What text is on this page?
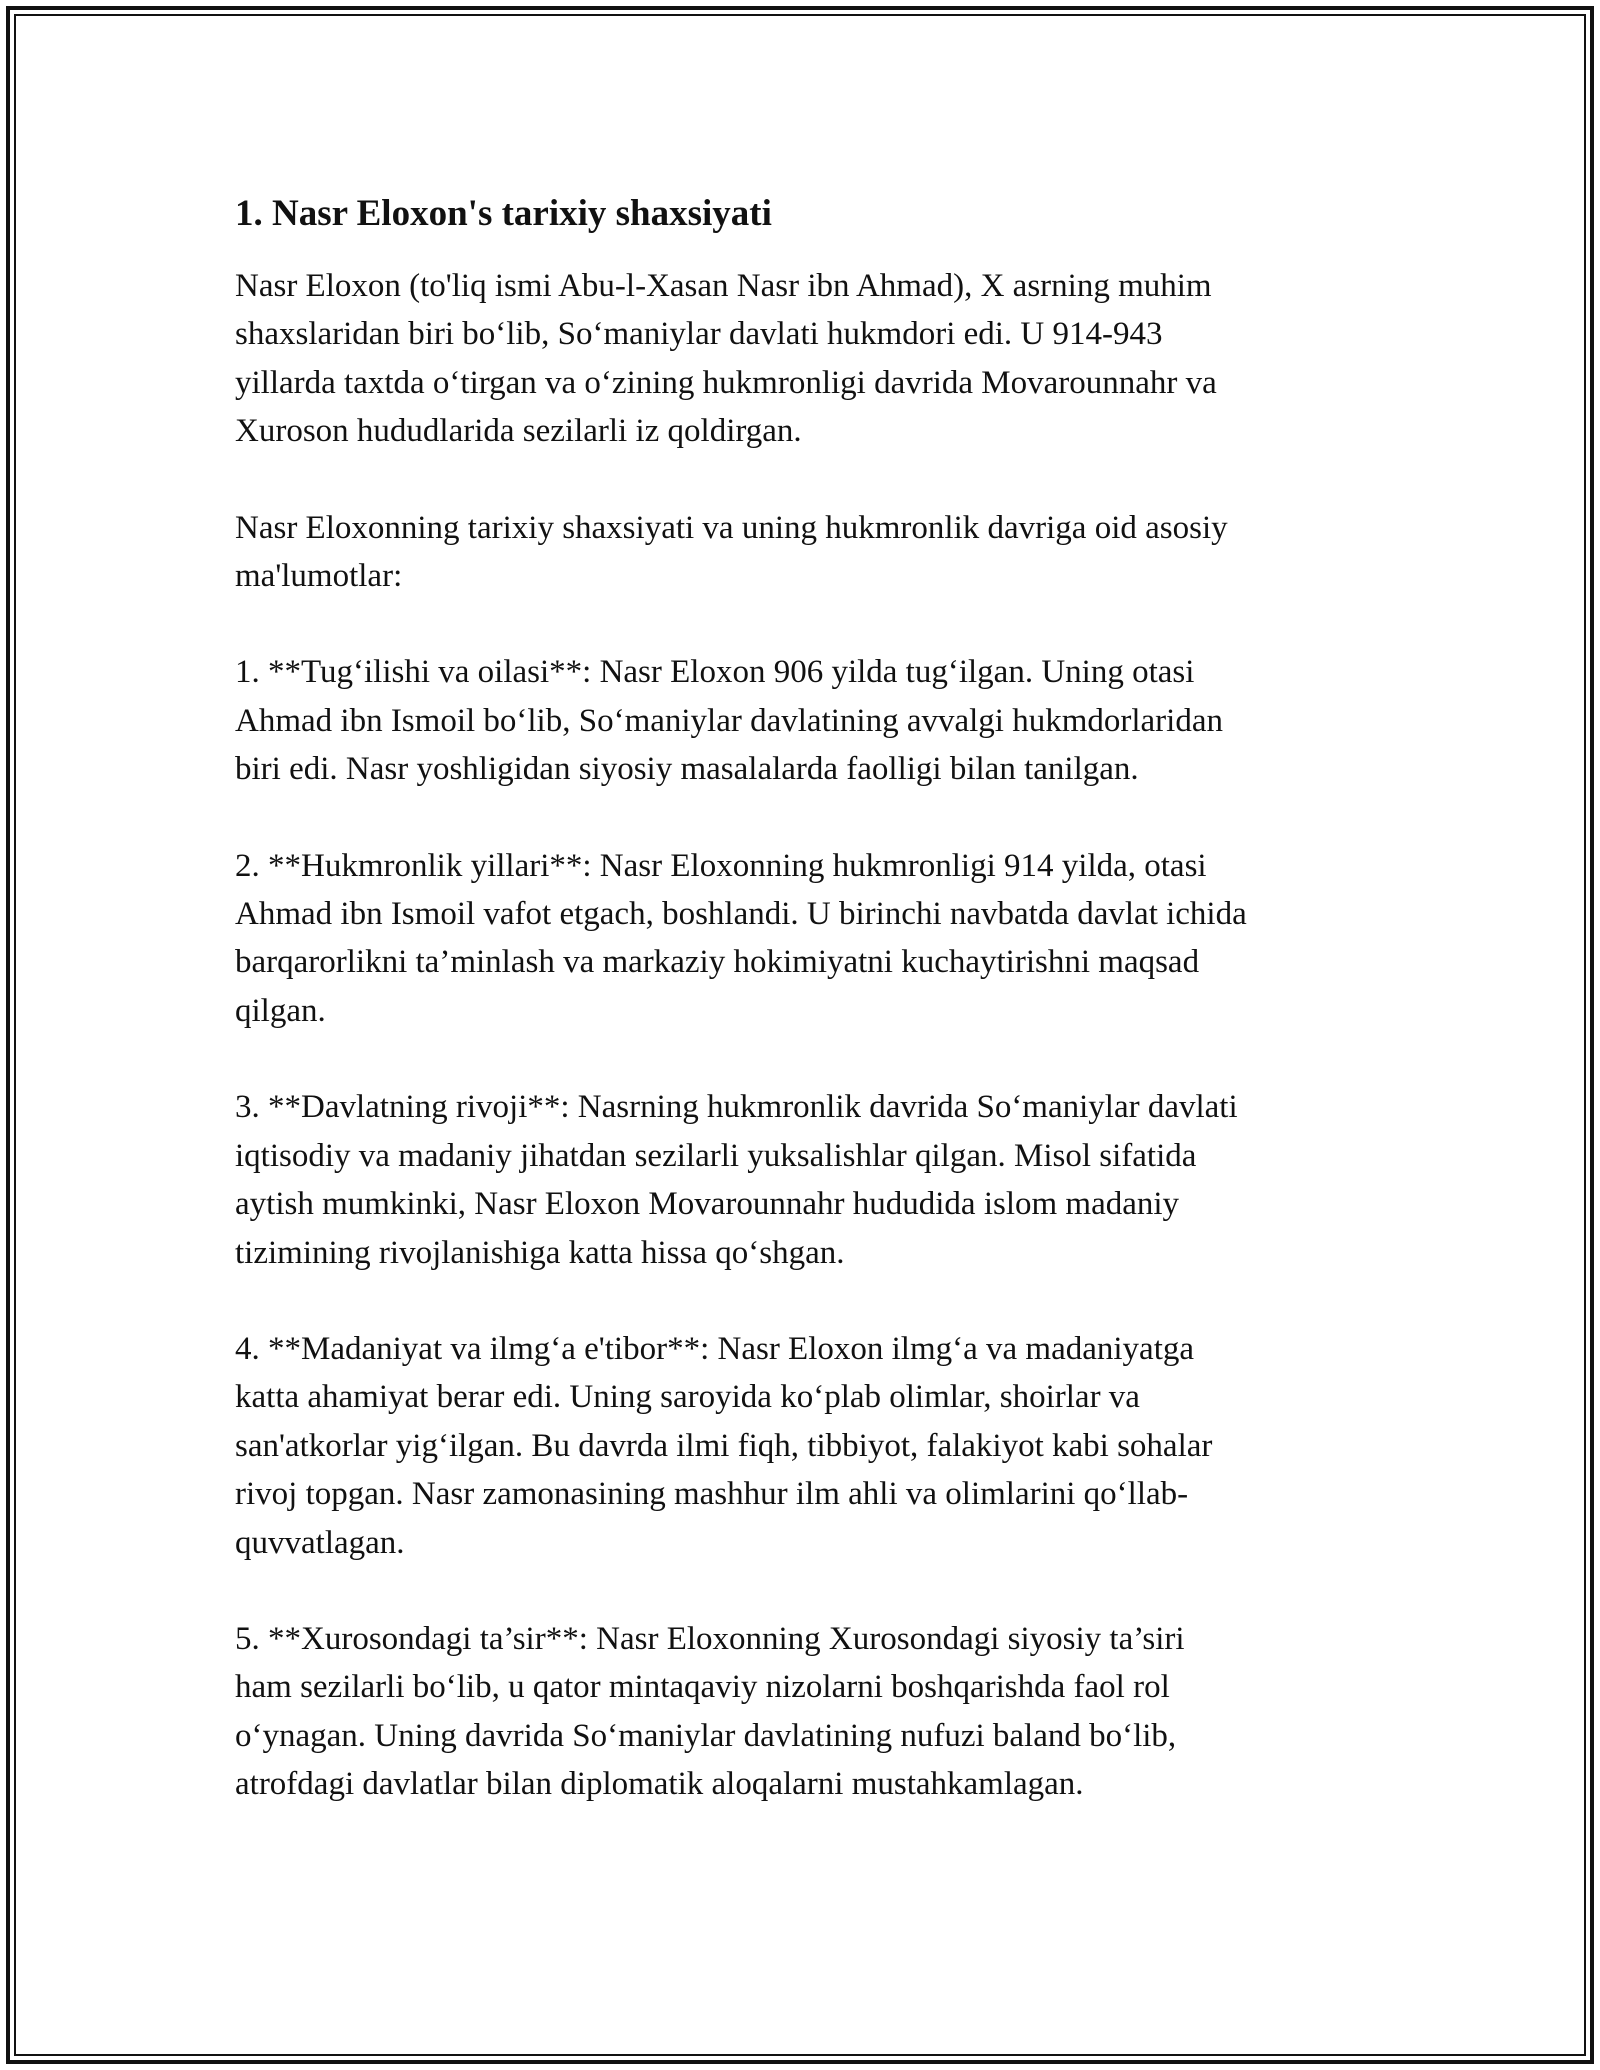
1. Nasr Eloxon's tarixiy shaxsiyati

Nasr Eloxon (to'liq ismi Abu-l-Xasan Nasr ibn Ahmad), X asrning muhim
shaxslaridan biri bo‘lib, So‘maniylar davlati hukmdori edi. U 914-943
yillarda taxtda o‘tirgan va o‘zining hukmronligi davrida Movarounnahr va
Xuroson hududlarida sezilarli iz qoldirgan.

Nasr Eloxonning tarixiy shaxsiyati va uning hukmronlik davriga oid asosiy
ma'lumotlar:

1. **Tug‘ilishi va oilasi**: Nasr Eloxon 906 yilda tug‘ilgan. Uning otasi
Ahmad ibn Ismoil bo‘lib, So‘maniylar davlatining avvalgi hukmdorlaridan
biri edi. Nasr yoshligidan siyosiy masalalarda faolligi bilan tanilgan.

2. **Hukmronlik yillari**: Nasr Eloxonning hukmronligi 914 yilda, otasi
Ahmad ibn Ismoil vafot etgach, boshlandi. U birinchi navbatda davlat ichida
barqarorlikni ta’minlash va markaziy hokimiyatni kuchaytirishni maqsad
qilgan.

3. **Davlatning rivoji**: Nasrning hukmronlik davrida So‘maniylar davlati
iqtisodiy va madaniy jihatdan sezilarli yuksalishlar qilgan. Misol sifatida
aytish mumkinki, Nasr Eloxon Movarounnahr hududida islom madaniy
tizimining rivojlanishiga katta hissa qo‘shgan.

4. **Madaniyat va ilmg‘a e'tibor**: Nasr Eloxon ilmg‘a va madaniyatga
katta ahamiyat berar edi. Uning saroyida ko‘plab olimlar, shoirlar va
san'atkorlar yig‘ilgan. Bu davrda ilmi fiqh, tibbiyot, falakiyot kabi sohalar
rivoj topgan. Nasr zamonasining mashhur ilm ahli va olimlarini qo‘llab-
quvvatlagan.

5. **Xurosondagi ta’sir**: Nasr Eloxonning Xurosondagi siyosiy ta’siri
ham sezilarli bo‘lib, u qator mintaqaviy nizolarni boshqarishda faol rol
o‘ynagan. Uning davrida So‘maniylar davlatining nufuzi baland bo‘lib,
atrofdagi davlatlar bilan diplomatik aloqalarni mustahkamlagan.
